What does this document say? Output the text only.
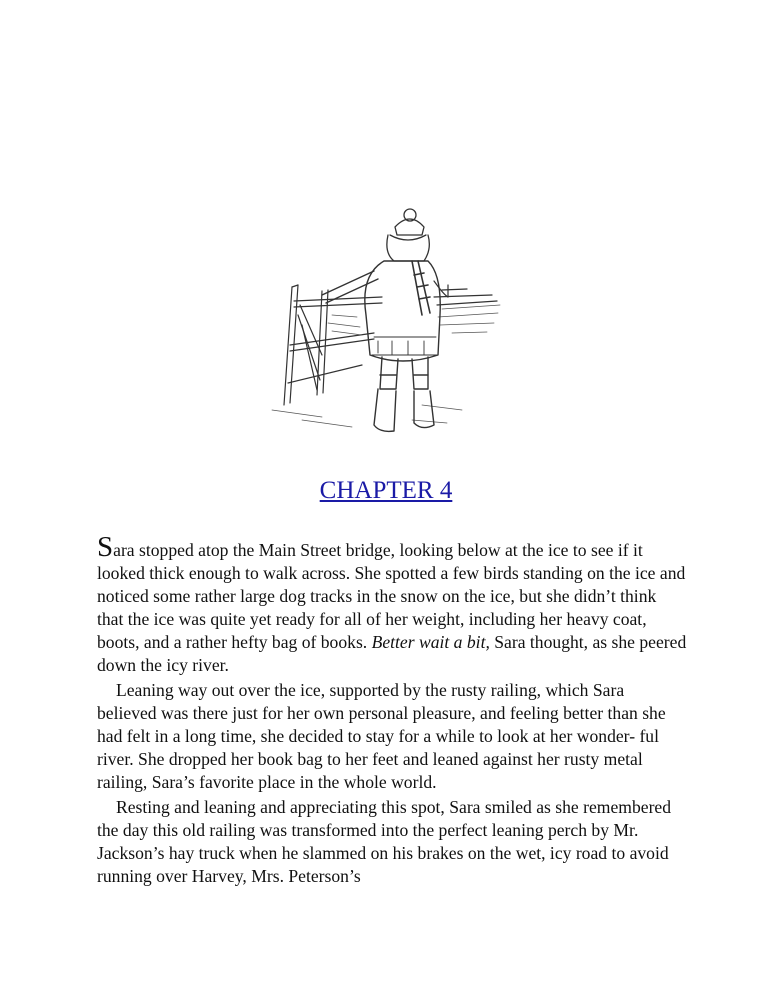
CHAPTER 4

Sara stopped atop the Main Street bridge, looking below at the ice to see if it looked thick enough to walk across. She spotted a few birds standing on the ice and noticed some rather large dog tracks in the snow on the ice, but she didn’t think that the ice was quite yet ready for all of her weight, including her heavy coat, boots, and a rather hefty bag of books. Better wait a bit, Sara thought, as she peered down the icy river.

Leaning way out over the ice, supported by the rusty railing, which Sara believed was there just for her own personal pleasure, and feeling better than she had felt in a long time, she decided to stay for a while to look at her wonder- ful river. She dropped her book bag to her feet and leaned against her rusty metal railing, Sara’s favorite place in the whole world.

Resting and leaning and appreciating this spot, Sara smiled as she remembered the day this old railing was transformed into the perfect leaning perch by Mr. Jackson’s hay truck when he slammed on his brakes on the wet, icy road to avoid running over Harvey, Mrs. Peterson’s
